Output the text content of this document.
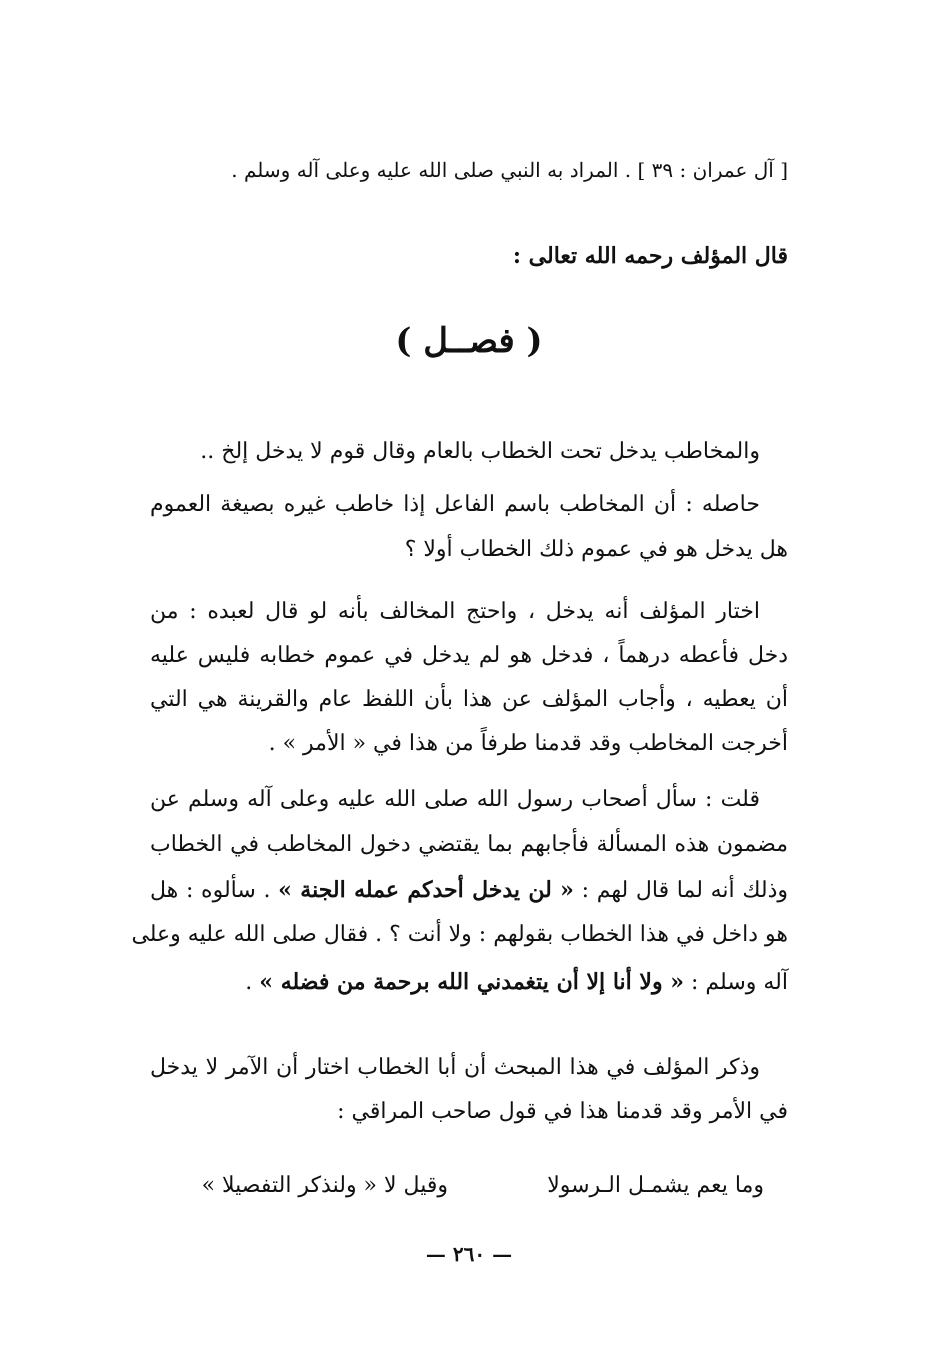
[ آل عمران : ٣٩ ] . المراد به النبي صلى الله عليه وعلى آله وسلم .
قال المؤلف رحمه الله تعالى :
( فصــل )
والمخاطب يدخل تحت الخطاب بالعام وقال قوم لا يدخل إلخ ..
حاصله : أن المخاطب باسم الفاعل إذا خاطب غيره بصيغة العموم
هل يدخل هو في عموم ذلك الخطاب أولا ؟
اختار المؤلف أنه يدخل ، واحتج المخالف بأنه لو قال لعبده : من
دخل فأعطه درهماً ، فدخل هو لم يدخل في عموم خطابه فليس عليه
أن يعطيه ، وأجاب المؤلف عن هذا بأن اللفظ عام والقرينة هي التي
أخرجت المخاطب وقد قدمنا طرفاً من هذا في « الأمر » .
قلت : سأل أصحاب رسول الله صلى الله عليه وعلى آله وسلم عن
مضمون هذه المسألة فأجابهم بما يقتضي دخول المخاطب في الخطاب
وذلك أنه لما قال لهم : « لن يدخل أحدكم عمله الجنة » . سألوه : هل
هو داخل في هذا الخطاب بقولهم : ولا أنت ؟ . فقال صلى الله عليه وعلى
آله وسلم : « ولا أنا إلا أن يتغمدني الله برحمة من فضله » .
وذكر المؤلف في هذا المبحث أن أبا الخطاب اختار أن الآمر لا يدخل
في الأمر وقد قدمنا هذا في قول صاحب المراقي :
وما يعم يشمـل الـرسولا
وقيل لا « ولنذكر التفصيلا »
— ٢٦٠ —
